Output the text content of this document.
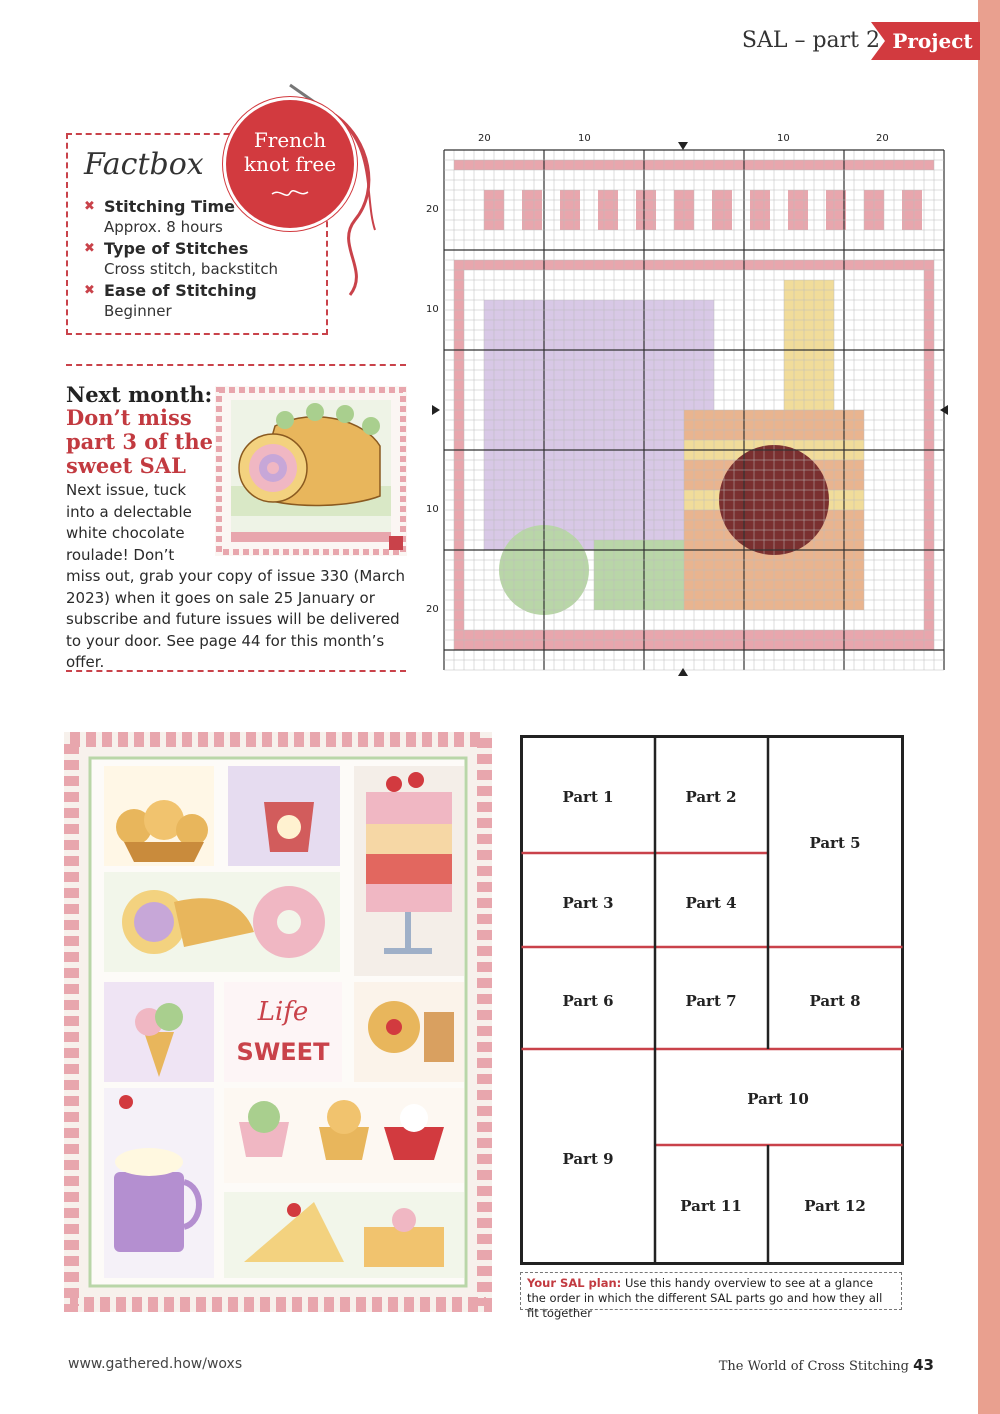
SAL – part 2 Project
Factbox
✖ Stitching Time
Approx. 8 hours
✖ Type of Stitches
Cross stitch, backstitch
✖ Ease of Stitching
Beginner
French
knot free
Next month:
Don’t miss part 3 of the sweet SAL
Next issue, tuck into a delectable white chocolate roulade! Don’t
miss out, grab your copy of issue 330 (March 2023) when it goes on sale 25 January or subscribe and future issues will be delivered to your door. See page 44 for this month’s offer.
20	10	10	20
20
10
10
20
Life
SWEET
Part 1	Part 2
Part 3	Part 4
Part 5
Part 6	Part 7	Part 8
Part 9
Part 10
Part 11	Part 12
Your SAL plan: Use this handy overview to see at a glance the order in which the different SAL parts go and how they all fit together
www.gathered.how/woxs	The World of Cross Stitching 43
